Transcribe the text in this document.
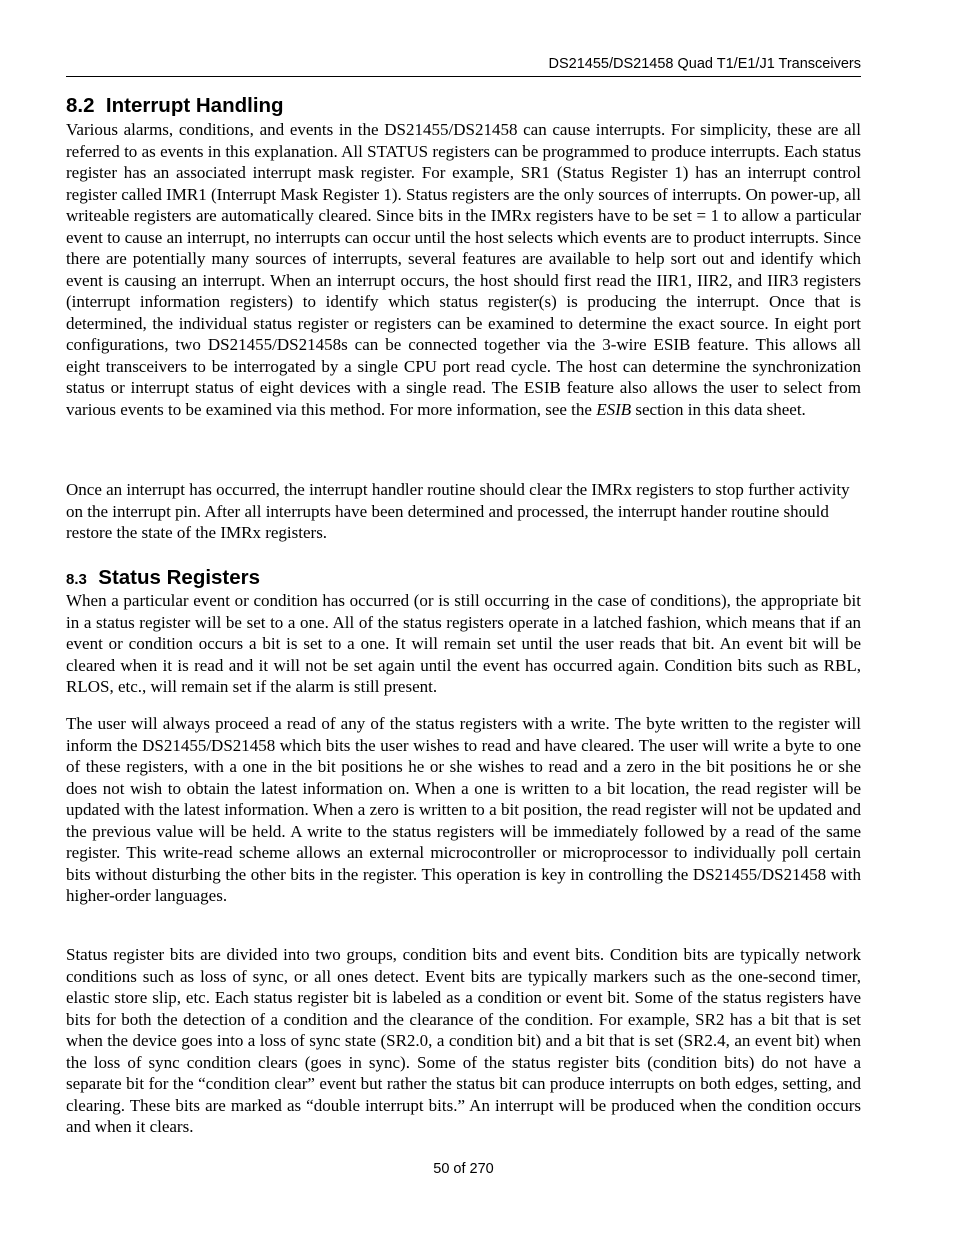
DS21455/DS21458 Quad T1/E1/J1 Transceivers
8.2 Interrupt Handling

Various alarms, conditions, and events in the DS21455/DS21458 can cause interrupts. For simplicity, these are all referred to as events in this explanation. All STATUS registers can be programmed to produce interrupts. Each status register has an associated interrupt mask register. For example, SR1 (Status Register 1) has an interrupt control register called IMR1 (Interrupt Mask Register 1). Status registers are the only sources of interrupts. On power-up, all writeable registers are automatically cleared. Since bits in the IMRx registers have to be set = 1 to allow a particular event to cause an interrupt, no interrupts can occur until the host selects which events are to product interrupts. Since there are potentially many sources of interrupts, several features are available to help sort out and identify which event is causing an interrupt. When an interrupt occurs, the host should first read the IIR1, IIR2, and IIR3 registers (interrupt information registers) to identify which status register(s) is producing the interrupt. Once that is determined, the individual status register or registers can be examined to determine the exact source. In eight port configurations, two DS21455/DS21458s can be connected together via the 3-wire ESIB feature. This allows all eight transceivers to be interrogated by a single CPU port read cycle. The host can determine the synchronization status or interrupt status of eight devices with a single read. The ESIB feature also allows the user to select from various events to be examined via this method. For more information, see the ESIB section in this data sheet.

Once an interrupt has occurred, the interrupt handler routine should clear the IMRx registers to stop further activity on the interrupt pin. After all interrupts have been determined and processed, the interrupt hander routine should restore the state of the IMRx registers.

8.3 Status Registers

When a particular event or condition has occurred (or is still occurring in the case of conditions), the appropriate bit in a status register will be set to a one. All of the status registers operate in a latched fashion, which means that if an event or condition occurs a bit is set to a one. It will remain set until the user reads that bit. An event bit will be cleared when it is read and it will not be set again until the event has occurred again. Condition bits such as RBL, RLOS, etc., will remain set if the alarm is still present.

The user will always proceed a read of any of the status registers with a write. The byte written to the register will inform the DS21455/DS21458 which bits the user wishes to read and have cleared. The user will write a byte to one of these registers, with a one in the bit positions he or she wishes to read and a zero in the bit positions he or she does not wish to obtain the latest information on. When a one is written to a bit location, the read register will be updated with the latest information. When a zero is written to a bit position, the read register will not be updated and the previous value will be held. A write to the status registers will be immediately followed by a read of the same register. This write-read scheme allows an external microcontroller or microprocessor to individually poll certain bits without disturbing the other bits in the register. This operation is key in controlling the DS21455/DS21458 with higher-order languages.

Status register bits are divided into two groups, condition bits and event bits. Condition bits are typically network conditions such as loss of sync, or all ones detect. Event bits are typically markers such as the one-second timer, elastic store slip, etc. Each status register bit is labeled as a condition or event bit. Some of the status registers have bits for both the detection of a condition and the clearance of the condition. For example, SR2 has a bit that is set when the device goes into a loss of sync state (SR2.0, a condition bit) and a bit that is set (SR2.4, an event bit) when the loss of sync condition clears (goes in sync). Some of the status register bits (condition bits) do not have a separate bit for the “condition clear” event but rather the status bit can produce interrupts on both edges, setting, and clearing. These bits are marked as “double interrupt bits.” An interrupt will be produced when the condition occurs and when it clears.

50 of 270
